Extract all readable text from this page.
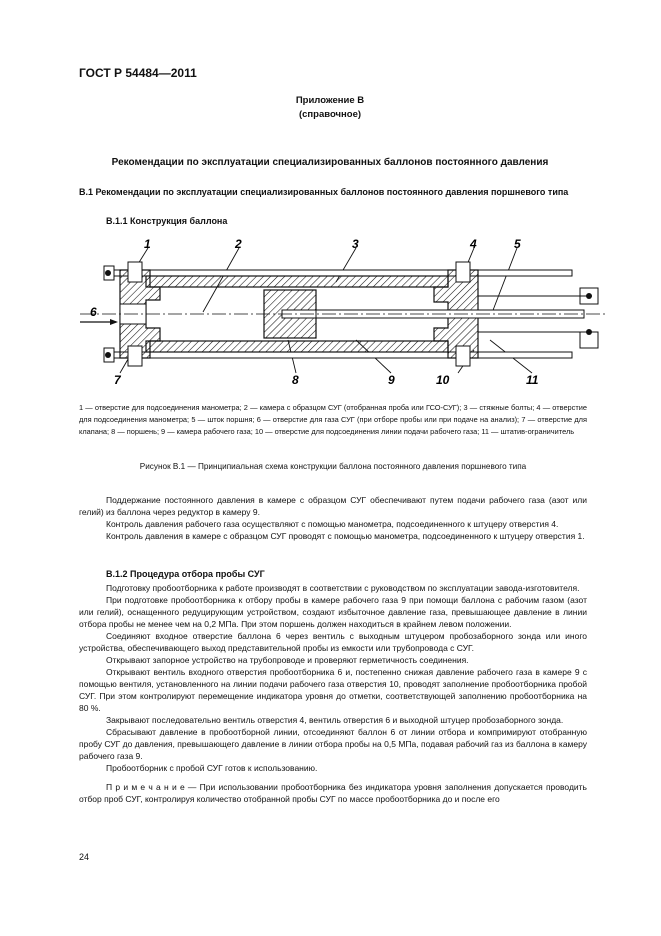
ГОСТ Р 54484—2011
Приложение В
(справочное)
Рекомендации по эксплуатации специализированных баллонов постоянного давления
В.1 Рекомендации по эксплуатации специализированных баллонов постоянного давления поршневого типа
В.1.1 Конструкция баллона
1	2	3	4	5
6
7	8	9	10	11
1 — отверстие для подсоединения манометра; 2 — камера с образцом СУГ (отобранная проба или ГСО-СУГ); 3 — стяжные болты; 4 — отверстие для подсоединения манометра; 5 — шток поршня; 6 — отверстие для газа СУГ (при отборе пробы или при подаче на анализ); 7 — отверстие для клапана; 8 — поршень; 9 — камера рабочего газа; 10 — отверстие для подсоединения линии подачи рабочего газа; 11 — штатив-ограничитель
Рисунок В.1 — Принципиальная схема конструкции баллона постоянного давления поршневого типа

Поддержание постоянного давления в камере с образцом СУГ обеспечивают путем подачи рабочего газа (азот или гелий) из баллона через редуктор в камеру 9.

Контроль давления рабочего газа осуществляют с помощью манометра, подсоединенного к штуцеру отверстия 4.

Контроль давления в камере с образцом СУГ проводят с помощью манометра, подсоединенного к штуцеру отверстия 1.

В.1.2 Процедура отбора пробы СУГ

Подготовку пробоотборника к работе производят в соответствии с руководством по эксплуатации завода-изготовителя.

При подготовке пробоотборника к отбору пробы в камере рабочего газа 9 при помощи баллона с рабочим газом (азот или гелий), оснащенного редуцирующим устройством, создают избыточное давление газа, превышающее давление в линии отбора пробы не менее чем на 0,2 МПа. При этом поршень должен находиться в крайнем левом положении.

Соединяют входное отверстие баллона 6 через вентиль с выходным штуцером пробозаборного зонда или иного устройства, обеспечивающего выход представительной пробы из емкости или трубопровода с СУГ.

Открывают запорное устройство на трубопроводе и проверяют герметичность соединения.

Открывают вентиль входного отверстия пробоотборника 6 и, постепенно снижая давление рабочего газа в камере 9 с помощью вентиля, установленного на линии подачи рабочего газа отверстия 10, проводят заполнение пробоотборника пробой СУГ. При этом контролируют перемещение индикатора уровня до отметки, соответствующей заполнению пробоотборника на 80 %.

Закрывают последовательно вентиль отверстия 4, вентиль отверстия 6 и выходной штуцер пробозаборного зонда.

Сбрасывают давление в пробоотборной линии, отсоединяют баллон 6 от линии отбора и компримируют отобранную пробу СУГ до давления, превышающего давление в линии отбора пробы на 0,5 МПа, подавая рабочий газ из баллона в камеру рабочего газа 9.

Пробоотборник с пробой СУГ готов к использованию.

П р и м е ч а н и е — При использовании пробоотборника без индикатора уровня заполнения допускается проводить отбор проб СУГ, контролируя количество отобранной пробы СУГ по массе пробоотборника до и после его

24
